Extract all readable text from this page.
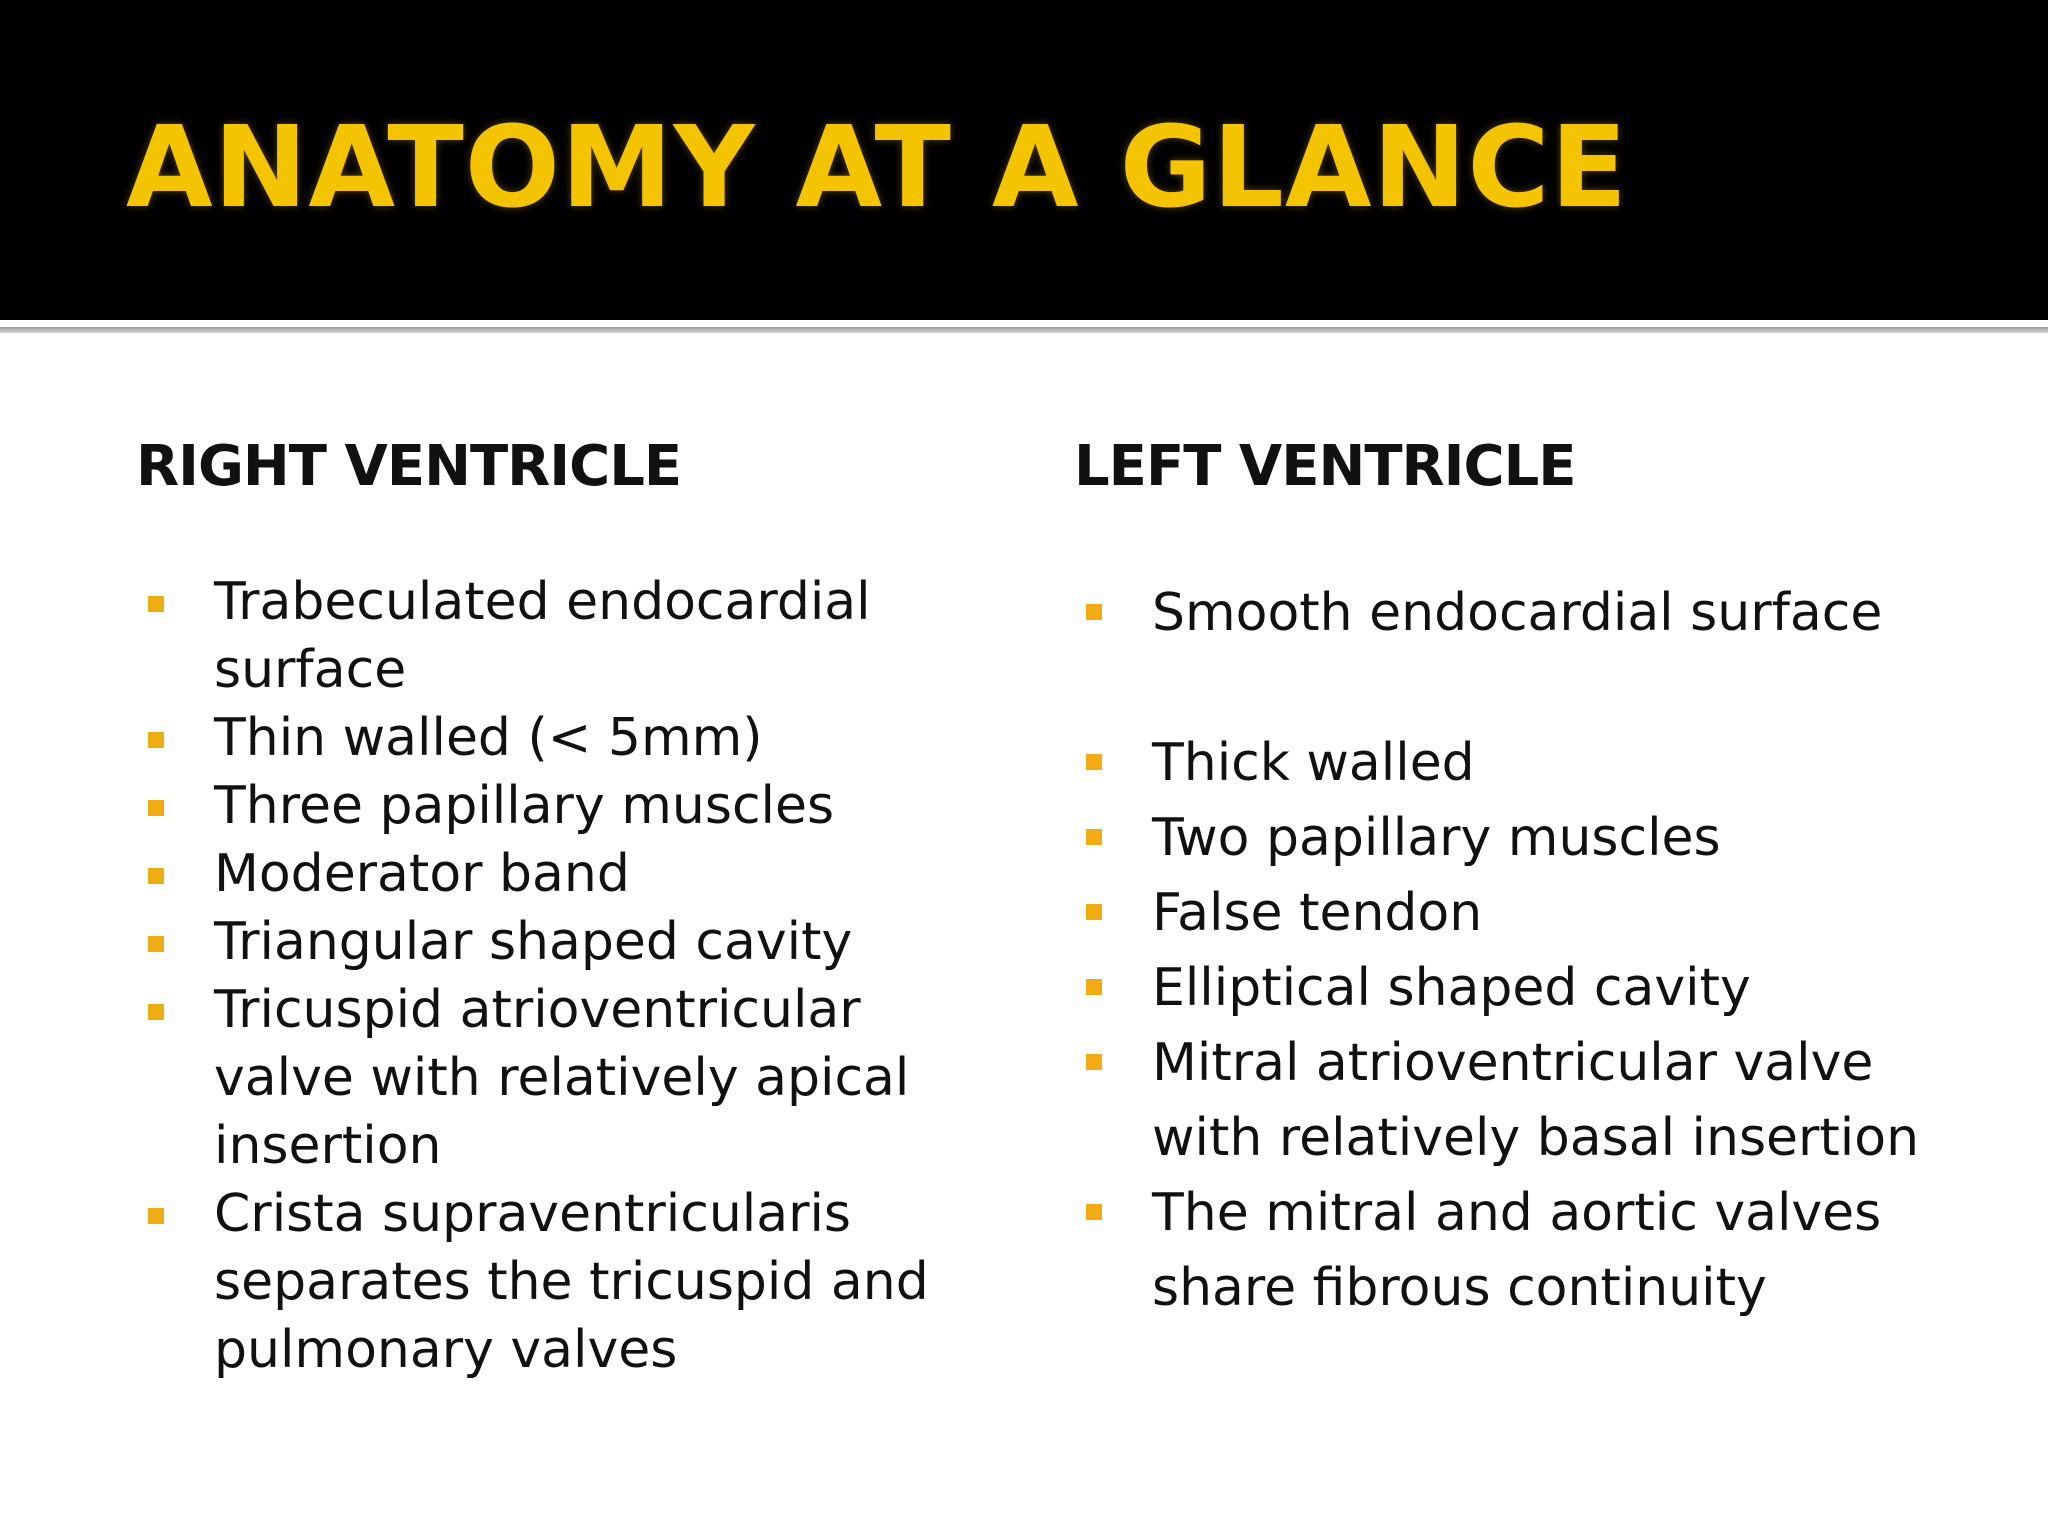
ANATOMY AT A GLANCE
RIGHT VENTRICLE
Trabeculated endocardial
surface
Thin walled (< 5mm)
Three papillary muscles
Moderator band
Triangular shaped cavity
Tricuspid atrioventricular
valve with relatively apical
insertion
Crista supraventricularis
separates the tricuspid and
pulmonary valves
LEFT VENTRICLE
Smooth endocardial surface
Thick walled
Two papillary muscles
False tendon
Elliptical shaped cavity
Mitral atrioventricular valve
with relatively basal insertion
The mitral and aortic valves
share fibrous continuity
